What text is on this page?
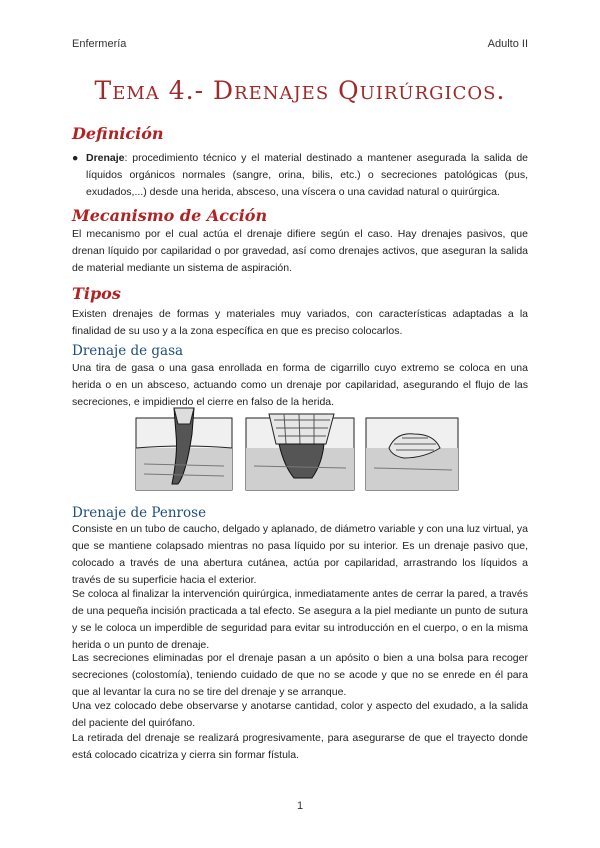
Enfermería	Adulto II
Tema 4.- Drenajes Quirúrgicos.
Definición
● Drenaje: procedimiento técnico y el material destinado a mantener asegurada la salida de líquidos orgánicos normales (sangre, orina, bilis, etc.) o secreciones patológicas (pus, exudados,...) desde una herida, absceso, una víscera o una cavidad natural o quirúrgica.
Mecanismo de Acción
El mecanismo por el cual actúa el drenaje difiere según el caso. Hay drenajes pasivos, que drenan líquido por capilaridad o por gravedad, así como drenajes activos, que aseguran la salida de material mediante un sistema de aspiración.
Tipos
Existen drenajes de formas y materiales muy variados, con características adaptadas a la finalidad de su uso y a la zona específica en que es preciso colocarlos.
Drenaje de gasa
Una tira de gasa o una gasa enrollada en forma de cigarrillo cuyo extremo se coloca en una herida o en un absceso, actuando como un drenaje por capilaridad, asegurando el flujo de las secreciones, e impidiendo el cierre en falso de la herida.
Drenaje de Penrose
Consiste en un tubo de caucho, delgado y aplanado, de diámetro variable y con una luz virtual, ya que se mantiene colapsado mientras no pasa líquido por su interior. Es un drenaje pasivo que, colocado a través de una abertura cutánea, actúa por capilaridad, arrastrando los líquidos a través de su superficie hacia el exterior.
Se coloca al finalizar la intervención quirúrgica, inmediatamente antes de cerrar la pared, a través de una pequeña incisión practicada a tal efecto. Se asegura a la piel mediante un punto de sutura y se le coloca un imperdible de seguridad para evitar su introducción en el cuerpo, o en la misma herida o un punto de drenaje.
Las secreciones eliminadas por el drenaje pasan a un apósito o bien a una bolsa para recoger secreciones (colostomía), teniendo cuidado de que no se acode y que no se enrede en él para que al levantar la cura no se tire del drenaje y se arranque.
Una vez colocado debe observarse y anotarse cantidad, color y aspecto del exudado, a la salida del paciente del quirófano.
La retirada del drenaje se realizará progresivamente, para asegurarse de que el trayecto donde está colocado cicatriza y cierra sin formar fístula.
1
